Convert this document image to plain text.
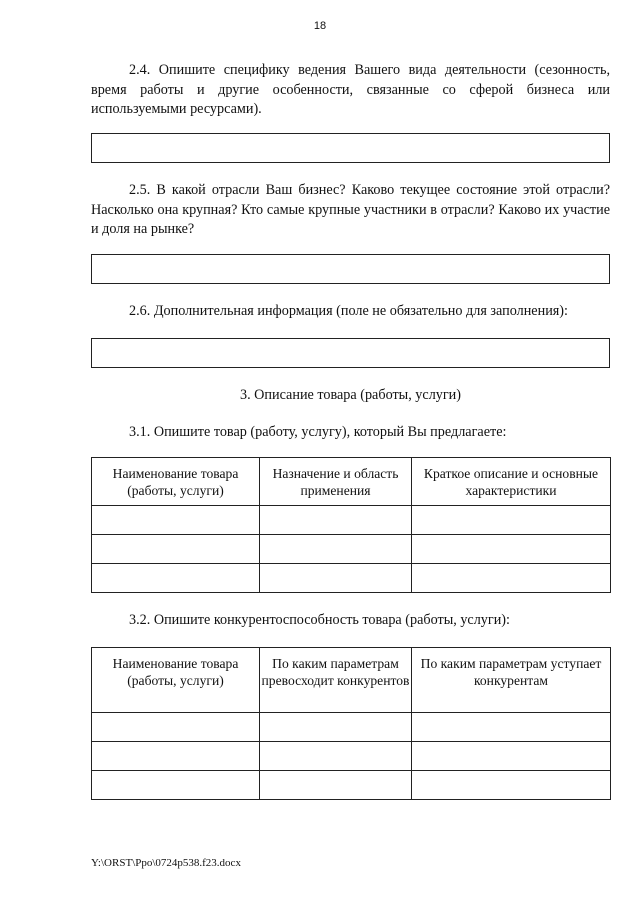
18
2.4. Опишите специфику ведения Вашего вида деятельности (сезонность, время работы и другие особенности, связанные со сферой бизнеса или используемыми ресурсами).
2.5. В какой отрасли Ваш бизнес? Каково текущее состояние этой отрасли? Насколько она крупная? Кто самые крупные участники в отрасли? Каково их участие и доля на рынке?
2.6. Дополнительная информация (поле не обязательно для заполнения):
3. Описание товара (работы, услуги)
3.1. Опишите товар (работу, услугу), который Вы предлагаете:
Наименование товара (работы, услуги)	Назначение и область применения	Краткое описание и основные характеристики

3.2. Опишите конкурентоспособность товара (работы, услуги):
Наименование товара (работы, услуги)	По каким параметрам превосходит конкурентов	По каким параметрам уступает конкурентам

Y:\ORST\Ppo\0724p538.f23.docx
